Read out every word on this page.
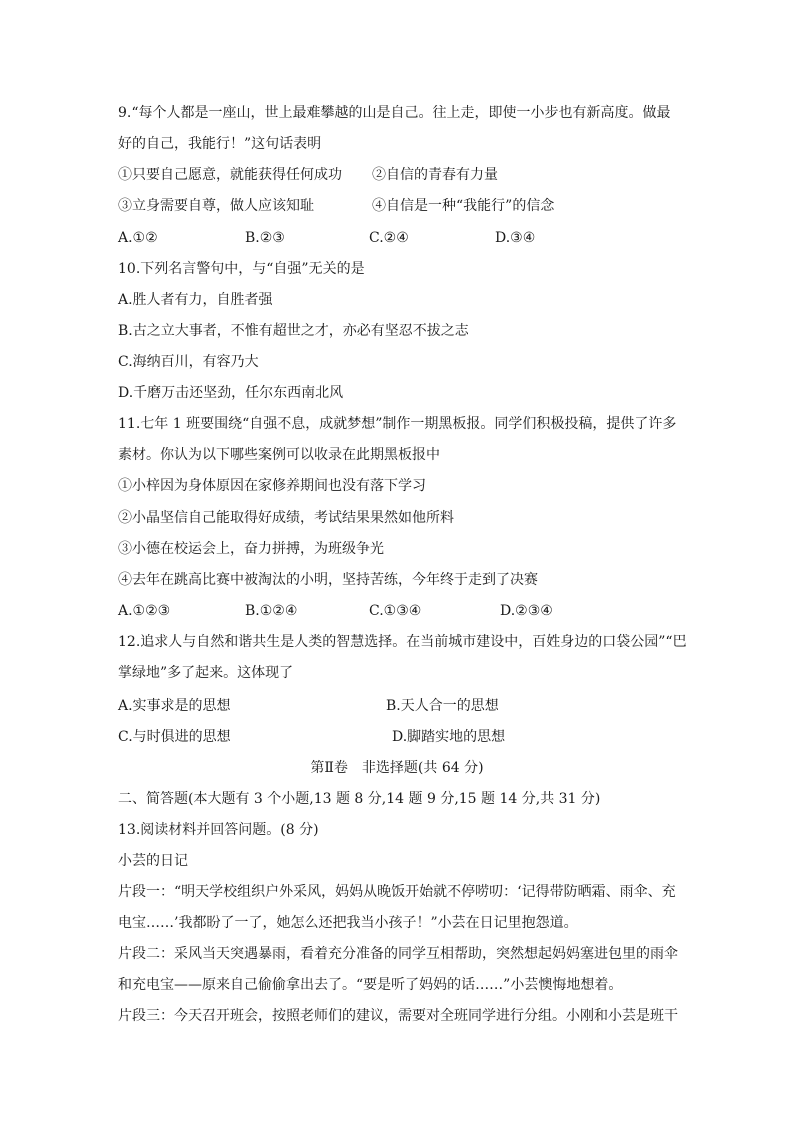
9.“每个人都是一座山，世上最难攀越的山是自己。往上走，即使一小步也有新高度。做最
好的自己，我能行！”这句话表明
①只要自己愿意，就能获得任何成功 ②自信的青春有力量
③立身需要自尊，做人应该知耻	④自信是一种“我能行”的信念
A.①②	B.②③	C.②④	D.③④
10.下列名言警句中，与“自强”无关的是
A.胜人者有力，自胜者强
B.古之立大事者，不惟有超世之才，亦必有坚忍不拔之志
C.海纳百川，有容乃大
D.千磨万击还坚劲，任尔东西南北风
11.七年 1 班要围绕“自强不息，成就梦想”制作一期黑板报。同学们积极投稿，提供了许多
素材。你认为以下哪些案例可以收录在此期黑板报中
①小梓因为身体原因在家修养期间也没有落下学习
②小晶坚信自己能取得好成绩，考试结果果然如他所料
③小德在校运会上，奋力拼搏，为班级争光
④去年在跳高比赛中被淘汰的小明，坚持苦练，今年终于走到了决赛
A.①②③	B.①②④	C.①③④	D.②③④
12.追求人与自然和谐共生是人类的智慧选择。在当前城市建设中，百姓身边的口袋公园”“巴
掌绿地”多了起来。这体现了
A.实事求是的思想	B.天人合一的思想
C.与时俱进的思想	D.脚踏实地的思想
第Ⅱ卷　非选择题(共 64 分)
二、简答题(本大题有 3 个小题,13 题 8 分,14 题 9 分,15 题 14 分,共 31 分)
13.阅读材料并回答问题。(8 分)
小芸的日记
片段一：“明天学校组织户外采风，妈妈从晚饭开始就不停唠叨：‘记得带防晒霜、雨伞、充
电宝……’我都盼了一了，她怎么还把我当小孩子！”小芸在日记里抱怨道。
片段二：采风当天突遇暴雨，看着充分准备的同学互相帮助，突然想起妈妈塞进包里的雨伞
和充电宝——原来自己偷偷拿出去了。“要是听了妈妈的话……”小芸懊悔地想着。
片段三：今天召开班会，按照老师们的建议，需要对全班同学进行分组。小刚和小芸是班干
